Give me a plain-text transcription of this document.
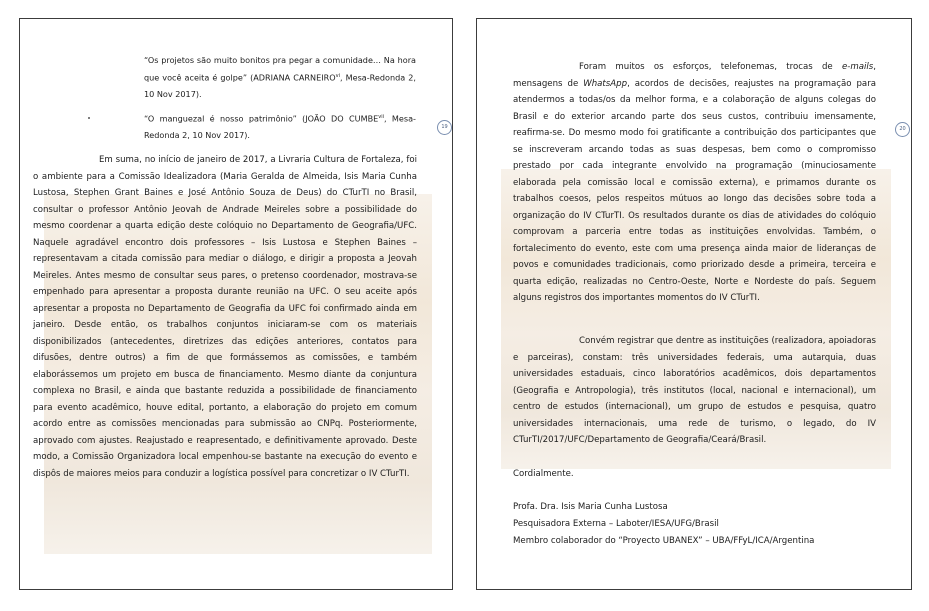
“Os projetos são muito bonitos pra pegar a comunidade… Na hora que você aceita é golpe” (ADRIANA CARNEIRO$^{vi}$, Mesa-Redonda 2, 10 Nov 2017).

“O manguezal é nosso patrimônio” (JOÃO DO CUMBE$^{vii}$, Mesa-Redonda 2, 10 Nov 2017).

19

Em suma, no início de janeiro de 2017, a Livraria Cultura de Fortaleza, foi o ambiente para a Comissão Idealizadora (Maria Geralda de Almeida, Isis Maria Cunha Lustosa, Stephen Grant Baines e José Antônio Souza de Deus) do CTurTI no Brasil, consultar o professor Antônio Jeovah de Andrade Meireles sobre a possibilidade do mesmo coordenar a quarta edição deste colóquio no Departamento de Geografia/UFC. Naquele agradável encontro dois professores – Isis Lustosa e Stephen Baines – representavam a citada comissão para mediar o diálogo, e dirigir a proposta a Jeovah Meireles. Antes mesmo de consultar seus pares, o pretenso coordenador, mostrava-se empenhado para apresentar a proposta durante reunião na UFC. O seu aceite após apresentar a proposta no Departamento de Geografia da UFC foi confirmado ainda em janeiro. Desde então, os trabalhos conjuntos iniciaram-se com os materiais disponibilizados (antecedentes, diretrizes das edições anteriores, contatos para difusões, dentre outros) a fim de que formássemos as comissões, e também elaborássemos um projeto em busca de financiamento. Mesmo diante da conjuntura complexa no Brasil, e ainda que bastante reduzida a possibilidade de financiamento para evento acadêmico, houve edital, portanto, a elaboração do projeto em comum acordo entre as comissões mencionadas para submissão ao CNPq. Posteriormente, aprovado com ajustes. Reajustado e reapresentado, e definitivamente aprovado. Deste modo, a Comissão Organizadora local empenhou-se bastante na execução do evento e dispôs de maiores meios para conduzir a logística possível para concretizar o IV CTurTI.

20

Foram muitos os esforços, telefonemas, trocas de e-mails, mensagens de WhatsApp, acordos de decisões, reajustes na programação para atendermos a todas/os da melhor forma, e a colaboração de alguns colegas do Brasil e do exterior arcando parte dos seus custos, contribuiu imensamente, reafirma-se. Do mesmo modo foi gratificante a contribuição dos participantes que se inscreveram arcando todas as suas despesas, bem como o compromisso prestado por cada integrante envolvido na programação (minuciosamente elaborada pela comissão local e comissão externa), e primamos durante os trabalhos coesos, pelos respeitos mútuos ao longo das decisões sobre toda a organização do IV CTurTI. Os resultados durante os dias de atividades do colóquio comprovam a parceria entre todas as instituições envolvidas. Também, o fortalecimento do evento, este com uma presença ainda maior de lideranças de povos e comunidades tradicionais, como priorizado desde a primeira, terceira e quarta edição, realizadas no Centro-Oeste, Norte e Nordeste do país. Seguem alguns registros dos importantes momentos do IV CTurTI.

Convém registrar que dentre as instituições (realizadora, apoiadoras e parceiras), constam: três universidades federais, uma autarquia, duas universidades estaduais, cinco laboratórios acadêmicos, dois departamentos (Geografia e Antropologia), três institutos (local, nacional e internacional), um centro de estudos (internacional), um grupo de estudos e pesquisa, quatro universidades internacionais, uma rede de turismo, o legado, do IV CTurTI/2017/UFC/Departamento de Geografia/Ceará/Brasil.

Cordialmente.

Profa. Dra. Isis Maria Cunha Lustosa
Pesquisadora Externa – Laboter/IESA/UFG/Brasil
Membro colaborador do “Proyecto UBANEX” – UBA/FFyL/ICA/Argentina
